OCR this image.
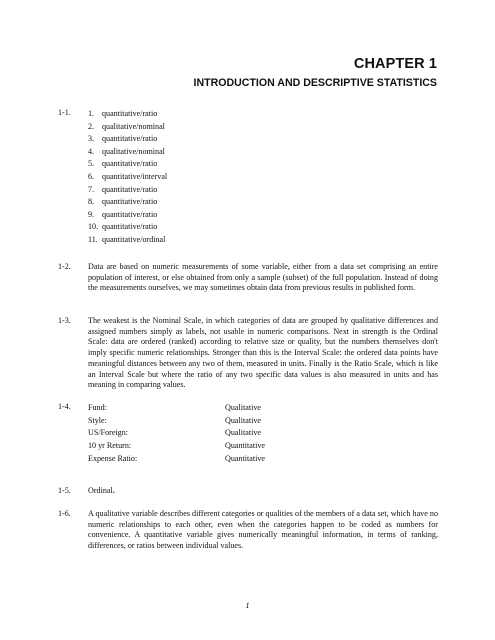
CHAPTER 1
INTRODUCTION AND DESCRIPTIVE STATISTICS
1-1.	1. quantitative/ratio
2. qualitative/nominal
3. quantitative/ratio
4. qualitative/nominal
5. quantitative/ratio
6. quantitative/interval
7. quantitative/ratio
8. quantitative/ratio
9. quantitative/ratio
10. quantitative/ratio
11. quantitative/ordinal
1-2.	Data are based on numeric measurements of some variable, either from a data set comprising an entire population of interest, or else obtained from only a sample (subset) of the full population. Instead of doing the measurements ourselves, we may sometimes obtain data from previous results in published form.
1-3.	The weakest is the Nominal Scale, in which categories of data are grouped by qualitative differences and assigned numbers simply as labels, not usable in numeric comparisons. Next in strength is the Ordinal Scale: data are ordered (ranked) according to relative size or quality, but the numbers themselves don't imply specific numeric relationships. Stronger than this is the Interval Scale: the ordered data points have meaningful distances between any two of them, measured in units. Finally is the Ratio Scale, which is like an Interval Scale but where the ratio of any two specific data values is also measured in units and has meaning in comparing values.
1-4.	Fund:	Qualitative
Style:	Qualitative
US/Foreign:	Qualitative
10 yr Return:	Quantitative
Expense Ratio:	Quantitative
1-5.	Ordinal.
1-6.	A qualitative variable describes different categories or qualities of the members of a data set, which have no numeric relationships to each other, even when the categories happen to be coded as numbers for convenience. A quantitative variable gives numerically meaningful information, in terms of ranking, differences, or ratios between individual values.
1
